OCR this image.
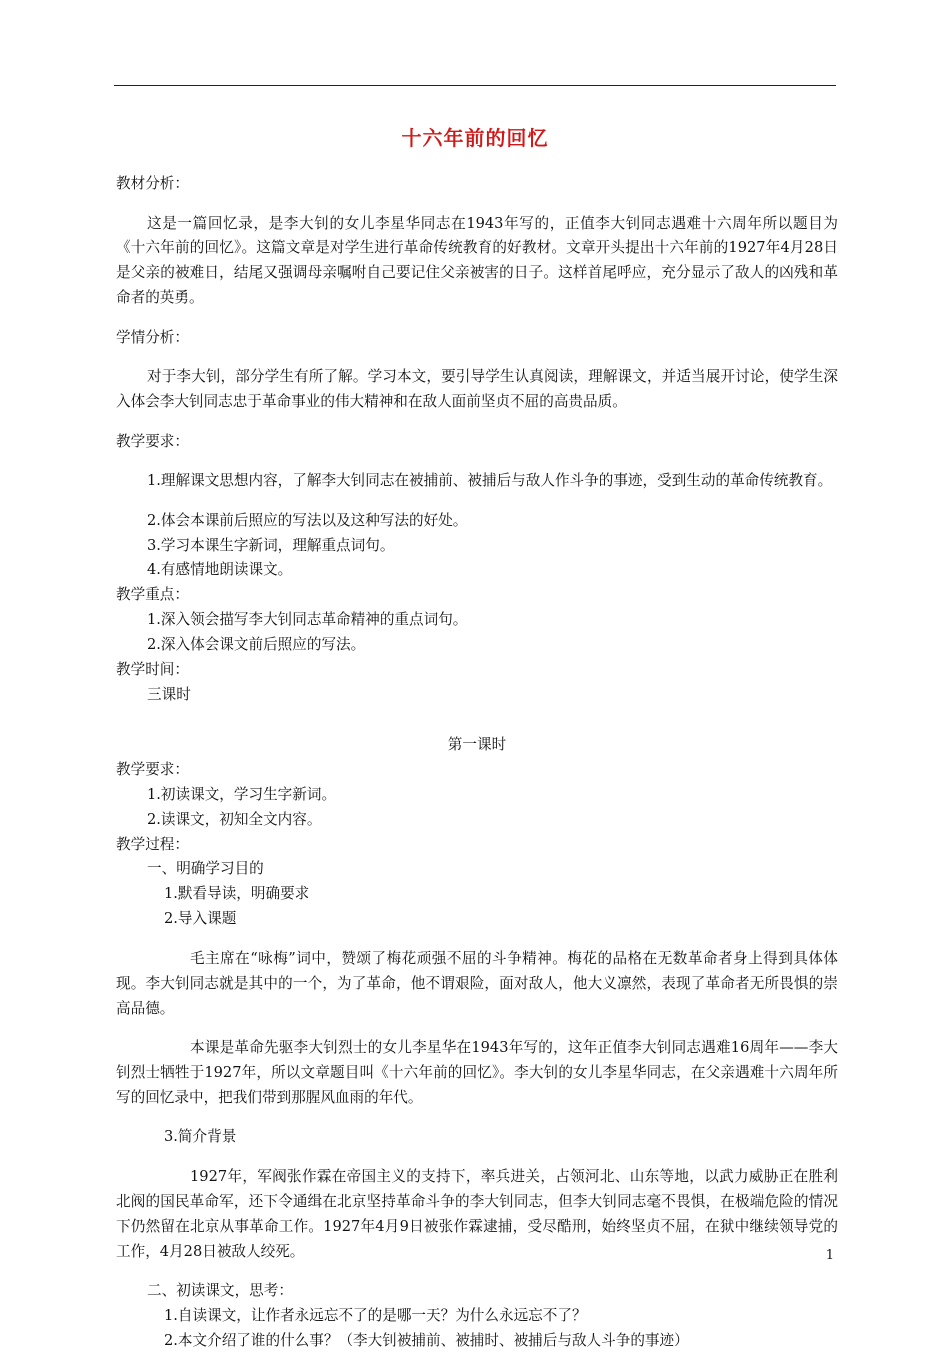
十六年前的回忆

教材分析：

这是一篇回忆录，是李大钊的女儿李星华同志在1943年写的，正值李大钊同志遇难十六周年所以题目为《十六年前的回忆》。这篇文章是对学生进行革命传统教育的好教材。文章开头提出十六年前的1927年4月28日是父亲的被难日，结尾又强调母亲嘱咐自己要记住父亲被害的日子。这样首尾呼应，充分显示了敌人的凶残和革命者的英勇。

学情分析：

对于李大钊，部分学生有所了解。学习本文，要引导学生认真阅读，理解课文，并适当展开讨论，使学生深入体会李大钊同志忠于革命事业的伟大精神和在敌人面前坚贞不屈的高贵品质。

教学要求：

1.理解课文思想内容，了解李大钊同志在被捕前、被捕后与敌人作斗争的事迹，受到生动的革命传统教育。

2.体会本课前后照应的写法以及这种写法的好处。

3.学习本课生字新词，理解重点词句。

4.有感情地朗读课文。

教学重点：

1.深入领会描写李大钊同志革命精神的重点词句。

2.深入体会课文前后照应的写法。

教学时间：

三课时

第一课时

教学要求：

1.初读课文，学习生字新词。

2.读课文，初知全文内容。

教学过程：

一、明确学习目的

1.默看导读，明确要求

2.导入课题

毛主席在“咏梅”词中，赞颂了梅花顽强不屈的斗争精神。梅花的品格在无数革命者身上得到具体体现。李大钊同志就是其中的一个，为了革命，他不谓艰险，面对敌人，他大义凛然，表现了革命者无所畏惧的崇高品德。

本课是革命先驱李大钊烈士的女儿李星华在1943年写的，这年正值李大钊同志遇难16周年——李大钊烈士牺牲于1927年，所以文章题目叫《十六年前的回忆》。李大钊的女儿李星华同志，在父亲遇难十六周年所写的回忆录中，把我们带到那腥风血雨的年代。

3.简介背景

1927年，军阀张作霖在帝国主义的支持下，率兵进关，占领河北、山东等地，以武力威胁正在胜利北阀的国民革命军，还下令通缉在北京坚持革命斗争的李大钊同志，但李大钊同志毫不畏惧，在极端危险的情况下仍然留在北京从事革命工作。1927年4月9日被张作霖逮捕，受尽酷刑，始终坚贞不屈，在狱中继续领导党的工作，4月28日被敌人绞死。

二、初读课文，思考：

1.自读课文，让作者永远忘不了的是哪一天？为什么永远忘不了？

2.本文介绍了谁的什么事？（李大钊被捕前、被捕时、被捕后与敌人斗争的事迹）

1
